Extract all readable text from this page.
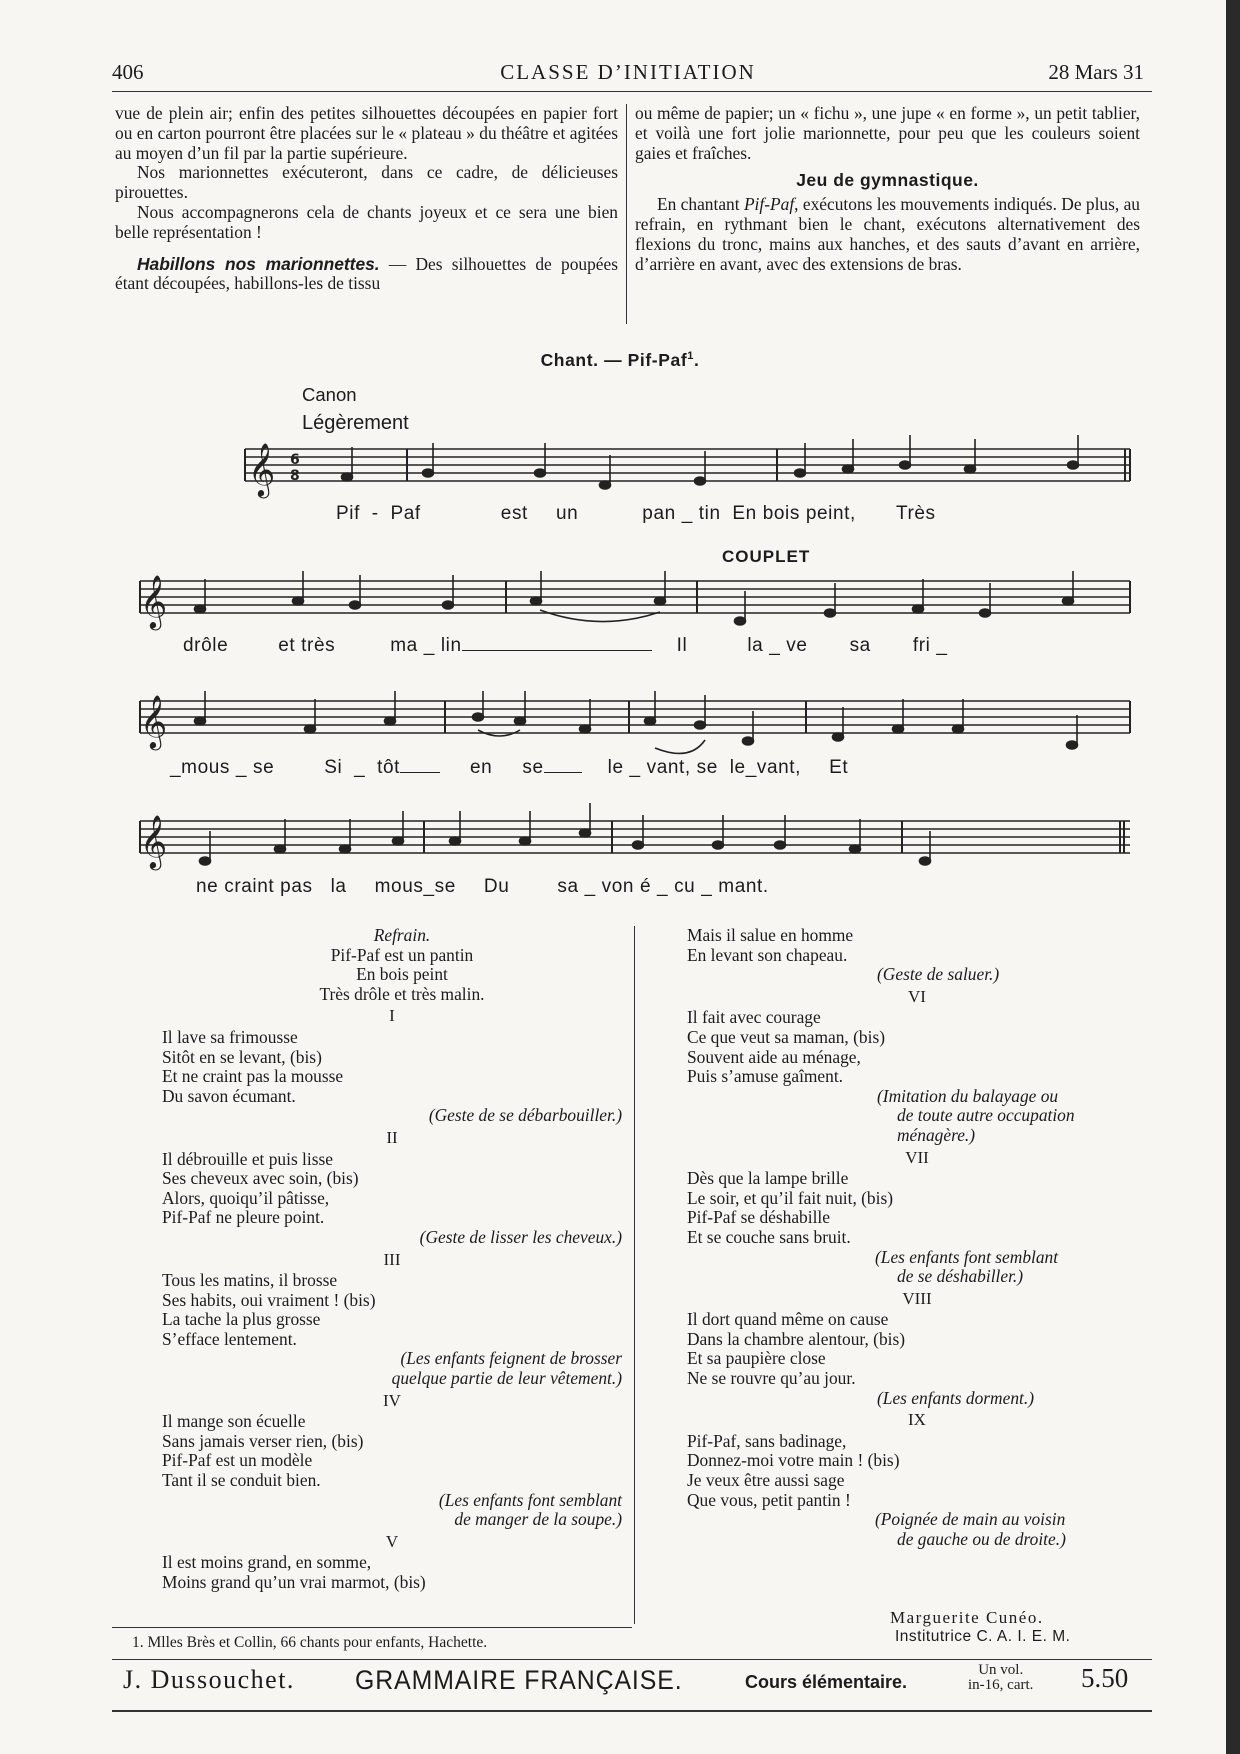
406	CLASSE D’INITIATION	28 Mars 31

vue de plein air; enfin des petites silhouettes découpées en papier fort ou en carton pourront être placées sur le « plateau » du théâtre et agitées au moyen d’un fil par la partie supérieure.

Nos marionnettes exécuteront, dans ce cadre, de délicieuses pirouettes.

Nous accompagnerons cela de chants joyeux et ce sera une bien belle représentation !

Habillons nos marionnettes. — Des silhouettes de poupées étant découpées, habillons-les de tissu

ou même de papier; un « fichu », une jupe « en forme », un petit tablier, et voilà une fort jolie marionnette, pour peu que les couleurs soient gaies et fraîches.

Jeu de gymnastique.

En chantant Pif-Paf, exécutons les mouvements indiqués. De plus, au refrain, en rythmant bien le chant, exécutons alternativement des flexions du tronc, mains aux hanches, et des sauts d’avant en arrière, d’arrière en avant, avec des extensions de bras.

Chant. — Pif-Paf$^1$.
Canon
Légèrement
COUPLET
𝄞
𝄞
𝄞
𝄞
6
8
Pif - Paf	est un	pan _ tin En bois peint, Très
drôle	et très	ma _ lin	Il	la _ ve sa fri _
_mous _ se	Si _ tôt	en se	le _ vant, se le_vant, Et
ne craint pas la mous_se Du	sa _ von é _ cu _ mant.
Refrain.
Pif-Paf est un pantin
En bois peint
Très drôle et très malin.
I
Il lave sa frimousse
Sitôt en se levant, (bis)
Et ne craint pas la mousse
Du savon écumant.
(Geste de se débarbouiller.)
II
Il débrouille et puis lisse
Ses cheveux avec soin, (bis)
Alors, quoiqu’il pâtisse,
Pif-Paf ne pleure point.
(Geste de lisser les cheveux.)
III
Tous les matins, il brosse
Ses habits, oui vraiment ! (bis)
La tache la plus grosse
S’efface lentement.
(Les enfants feignent de brosser
quelque partie de leur vêtement.)
IV
Il mange son écuelle
Sans jamais verser rien, (bis)
Pif-Paf est un modèle
Tant il se conduit bien.
(Les enfants font semblant
de manger de la soupe.)
V
Il est moins grand, en somme,
Moins grand qu’un vrai marmot, (bis)
Mais il salue en homme
En levant son chapeau.
(Geste de saluer.)
VI
Il fait avec courage
Ce que veut sa maman, (bis)
Souvent aide au ménage,
Puis s’amuse gaîment.
(Imitation du balayage ou
de toute autre occupation
ménagère.)
VII
Dès que la lampe brille
Le soir, et qu’il fait nuit, (bis)
Pif-Paf se déshabille
Et se couche sans bruit.
(Les enfants font semblant
de se déshabiller.)
VIII
Il dort quand même on cause
Dans la chambre alentour, (bis)
Et sa paupière close
Ne se rouvre qu’au jour.
(Les enfants dorment.)
IX
Pif-Paf, sans badinage,
Donnez-moi votre main ! (bis)
Je veux être aussi sage
Que vous, petit pantin !
(Poignée de main au voisin
de gauche ou de droite.)
Marguerite Cunéo.
Institutrice C. A. I. E. M.
1. Mlles Brès et Collin, 66 chants pour enfants, Hachette.
J. Dussouchet. GRAMMAIRE FRANÇAISE.	Cours élémentaire.
Un vol.
in-16, cart. 5.50
